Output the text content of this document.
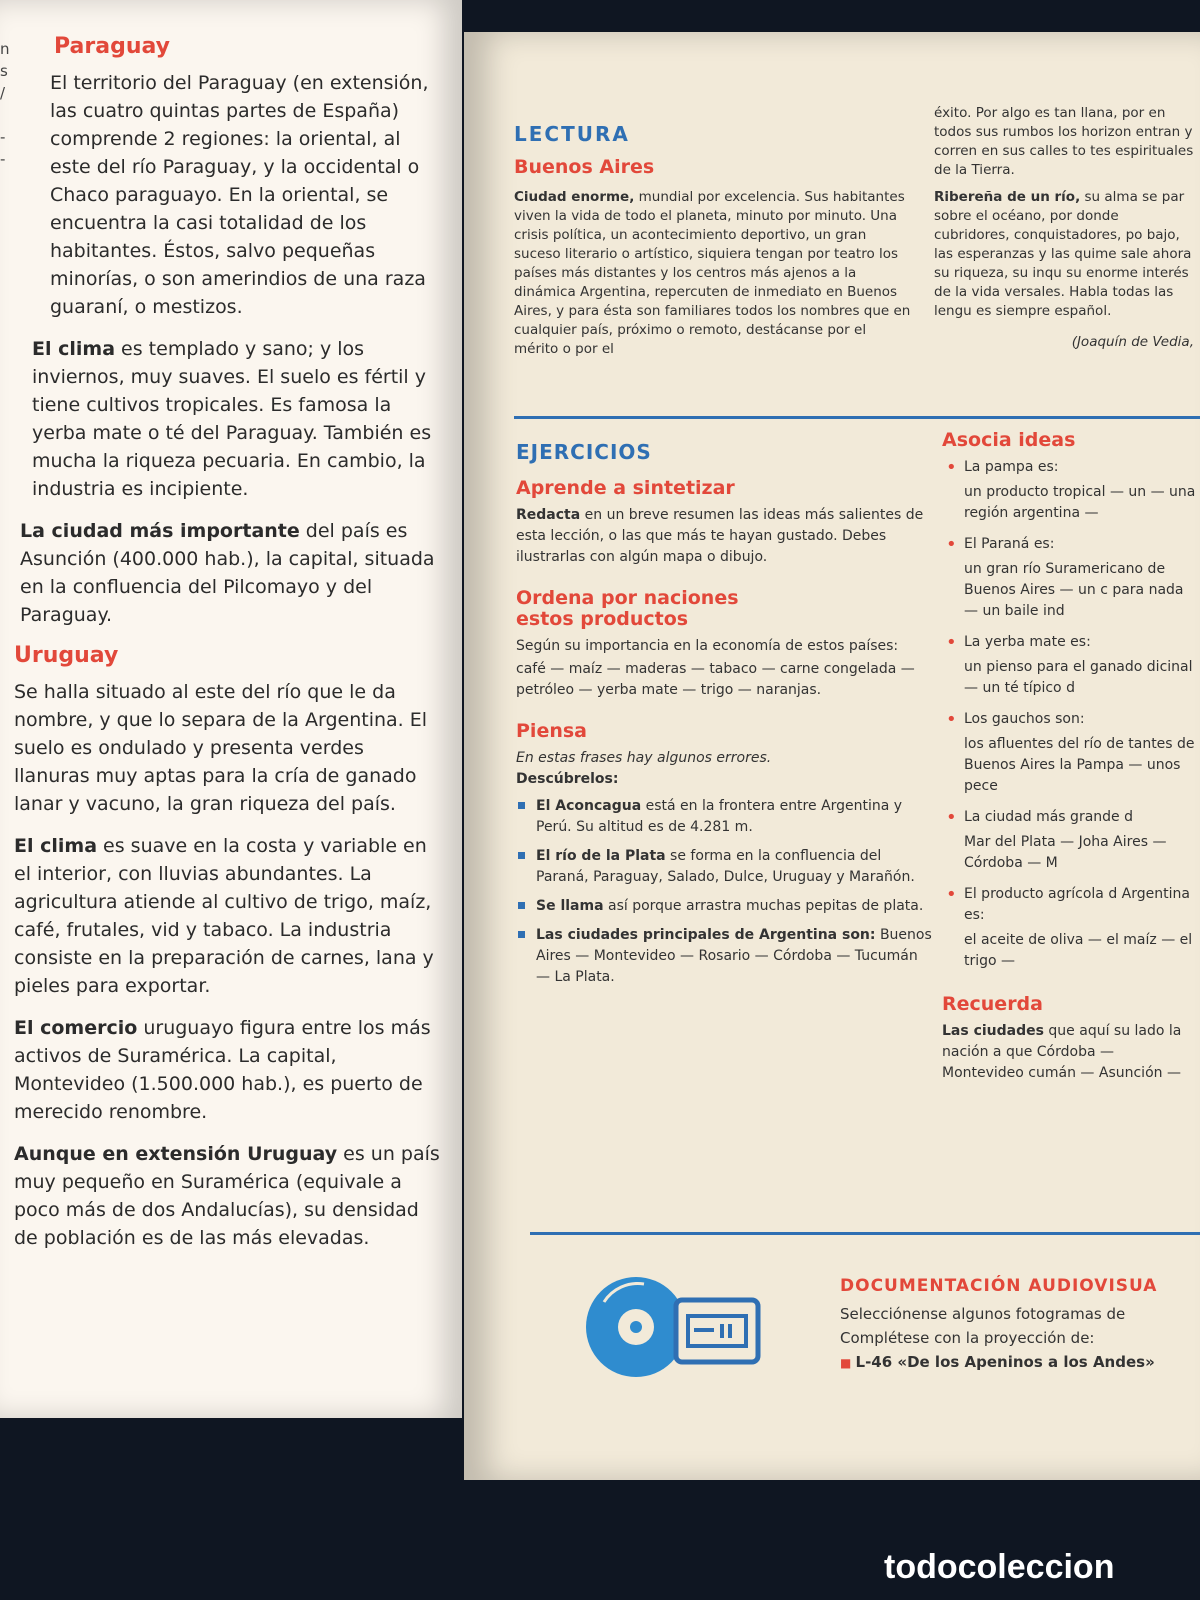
n
s
/
-
-
Paraguay

El territorio del Paraguay (en extensión, las cuatro quintas partes de España) comprende 2 regiones: la oriental, al este del río Paraguay, y la occidental o Chaco paraguayo. En la oriental, se encuentra la casi totalidad de los habitantes. Éstos, salvo pequeñas minorías, o son amerindios de una raza guaraní, o mestizos.

El clima es templado y sano; y los inviernos, muy suaves. El suelo es fértil y tiene cultivos tropicales. Es famosa la yerba mate o té del Paraguay. También es mucha la riqueza pecuaria. En cambio, la industria es incipiente.

La ciudad más importante del país es Asunción (400.000 hab.), la capital, situada en la confluencia del Pilcomayo y del Paraguay.

Uruguay

Se halla situado al este del río que le da nombre, y que lo separa de la Argentina. El suelo es ondulado y presenta verdes llanuras muy aptas para la cría de ganado lanar y vacuno, la gran riqueza del país.

El clima es suave en la costa y variable en el interior, con lluvias abundantes. La agricultura atiende al cultivo de trigo, maíz, café, frutales, vid y tabaco. La industria consiste en la preparación de carnes, lana y pieles para exportar.

El comercio uruguayo figura entre los más activos de Suramérica. La capital, Montevideo (1.500.000 hab.), es puerto de merecido renombre.

Aunque en extensión Uruguay es un país muy pequeño en Suramérica (equivale a poco más de dos Andalucías), su densidad de población es de las más elevadas.

LECTURA
Buenos Aires
Ciudad enorme, mundial por excelencia. Sus habitantes viven la vida de todo el planeta, minuto por minuto. Una crisis política, un acontecimiento deportivo, un gran suceso literario o artístico, siquiera tengan por teatro los países más distantes y los centros más ajenos a la dinámica Argentina, repercuten de inmediato en Buenos Aires, y para ésta son familiares todos los nombres que en cualquier país, próximo o remoto, destácanse por el mérito o por el
éxito. Por algo es tan llana, por en todos sus rumbos los horizon entran y corren en sus calles to tes espirituales de la Tierra.
Ribereña de un río, su alma se par sobre el océano, por donde cubridores, conquistadores, po bajo, las esperanzas y las quime sale ahora su riqueza, su inqu su enorme interés de la vida versales. Habla todas las lengu es siempre español.
(Joaquín de Vedia,
EJERCICIOS
Aprende a sintetizar

Redacta en un breve resumen las ideas más salientes de esta lección, o las que más te hayan gustado. Debes ilustrarlas con algún mapa o dibujo.

Ordena por naciones estos productos

Según su importancia en la economía de estos países:

café — maíz — maderas — tabaco — carne congelada — petróleo — yerba mate — trigo — naranjas.

Piensa

En estas frases hay algunos errores.

Descúbrelos:

El Aconcagua está en la frontera entre Argentina y Perú. Su altitud es de 4.281 m.
El río de la Plata se forma en la confluencia del Paraná, Paraguay, Salado, Dulce, Uruguay y Marañón.
Se llama así porque arrastra muchas pepitas de plata.
Las ciudades principales de Argentina son: Buenos Aires — Montevideo — Rosario — Córdoba — Tucumán — La Plata.
Asocia ideas
• La pampa es:
un producto tropical — un — una región argentina —
• El Paraná es:
un gran río Suramericano de Buenos Aires — un c para nada — un baile ind
• La yerba mate es:
un pienso para el ganado dicinal — un té típico d
• Los gauchos son:
los afluentes del río de tantes de Buenos Aires la Pampa — unos pece
• La ciudad más grande d
Mar del Plata — Joha Aires — Córdoba — M
• El producto agrícola d Argentina es:
el aceite de oliva — el maíz — el trigo —
Recuerda

Las ciudades que aquí su lado la nación a que Córdoba — Montevideo cumán — Asunción —

DOCUMENTACIÓN AUDIOVISUA
Selecciónense algunos fotogramas de
Complétese con la proyección de:
■ L-46 «De los Apeninos a los Andes»
todocoleccion
